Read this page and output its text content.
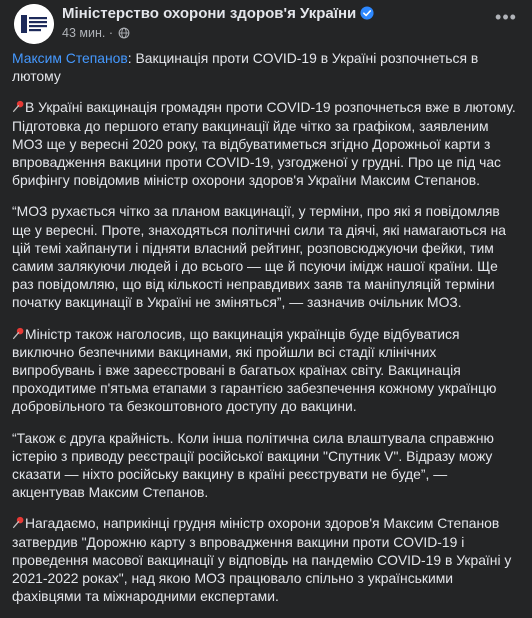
Міністерство охорони здоров'я України
43 мин. ·
•••

Максим Степанов: Вакцинація проти COVID-19 в Україні розпочнеться в лютому

В Україні вакцинація громадян проти COVID-19 розпочнеться вже в лютому. Підготовка до першого етапу вакцинації йде чітко за графіком, заявленим МОЗ ще у вересні 2020 року, та відбуватиметься згідно Дорожньої карти з впровадження вакцини проти COVID-19, узгодженої у грудні. Про це під час брифінгу повідомив міністр охорони здоров'я України Максим Степанов.

“МОЗ рухається чітко за планом вакцинації, у терміни, про які я повідомляв ще у вересні. Проте, знаходяться політичні сили та діячі, які намагаються на цій темі хайпанути і підняти власний рейтинг, розповсюджуючи фейки, тим самим залякуючи людей і до всього — ще й псуючи імідж нашої країни. Ще раз повідомляю, що від кількості неправдивих заяв та маніпуляцій терміни початку вакцинації в Україні не зміняться”, — зазначив очільник МОЗ.

Міністр також наголосив, що вакцинація українців буде відбуватися виключно безпечними вакцинами, які пройшли всі стадії клінічних випробувань і вже зареєстровані в багатьох країнах світу. Вакцинація проходитиме п'ятьма етапами з гарантією забезпечення кожному українцю добровільного та безкоштовного доступу до вакцини.

“Також є друга крайність. Коли інша політична сила влаштувала справжню істерію з приводу реєстрації російської вакцини "Спутник V". Відразу можу сказати — ніхто російську вакцину в країні реєструвати не буде”, — акцентував Максим Степанов.

Нагадаємо, наприкінці грудня міністр охорони здоров'я Максим Степанов затвердив "Дорожню карту з впровадження вакцини проти COVID-19 і проведення масової вакцинації у відповідь на пандемію COVID-19 в Україні у 2021-2022 роках", над якою МОЗ працювало спільно з українськими фахівцями та міжнародними експертами.
